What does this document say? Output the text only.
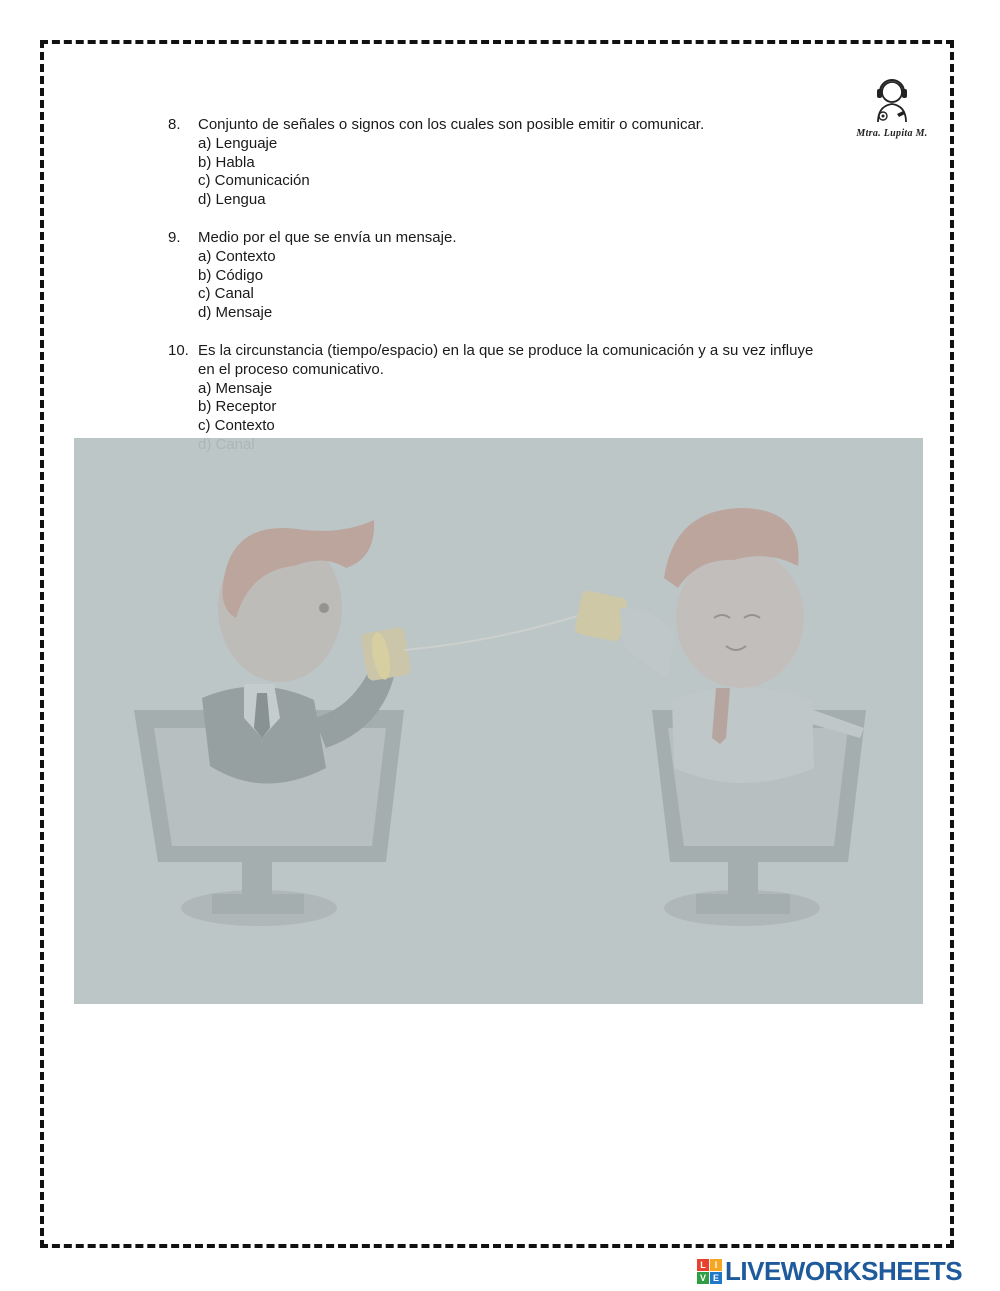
Mtra. Lupita M.
8. Conjunto de señales o signos con los cuales son posible emitir o comunicar.
a) Lenguaje
b) Habla
c) Comunicación
d) Lengua
9. Medio por el que se envía un mensaje.
a) Contexto
b) Código
c) Canal
d) Mensaje
10. Es la circunstancia (tiempo/espacio) en la que se produce la comunicación y a su vez influye en el proceso comunicativo.
a) Mensaje
b) Receptor
c) Contexto
L I
V E LIVEWORKSHEETS
